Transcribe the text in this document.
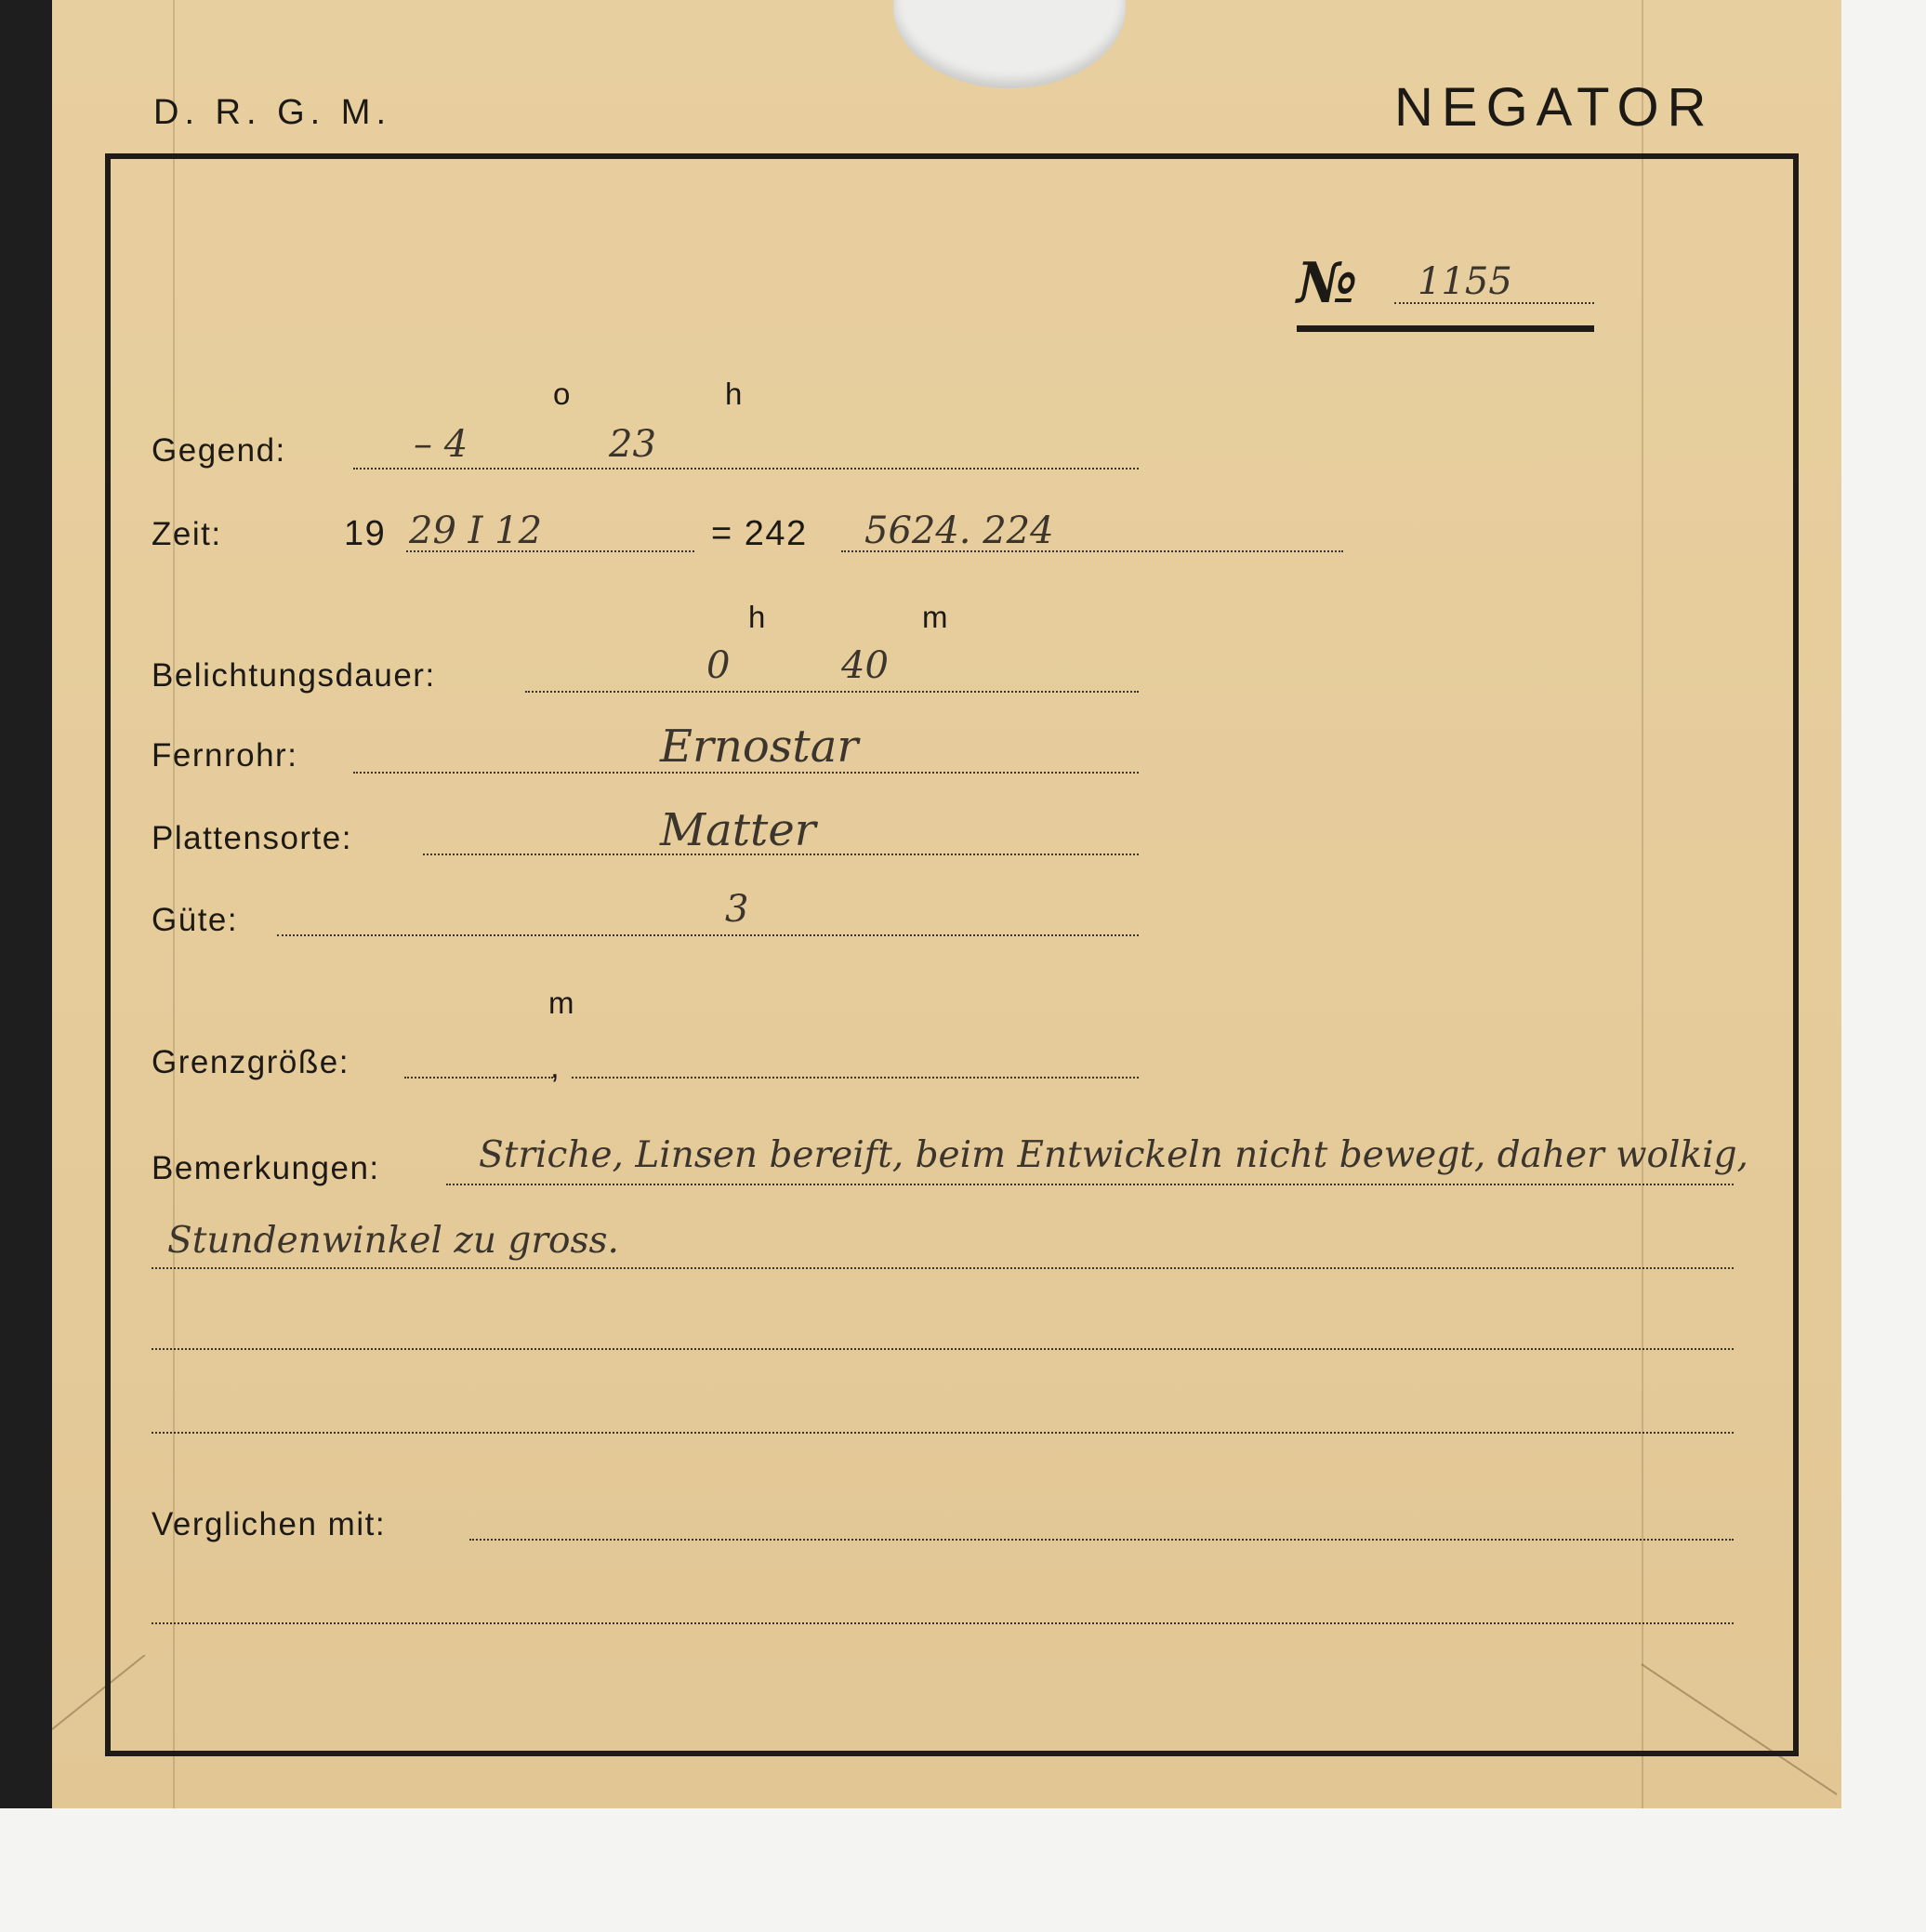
D. R. G. M.	NEGATOR
№ 1155
o	h
Gegend:	– 4	23
Zeit:	19 29 I 12	= 242 5624. 224
h	m
Belichtungsdauer:	0	40
Fernrohr:	Ernostar
Plattensorte:	Matter
Güte:	3
m
Grenzgröße:	,
Bemerkungen:	Striche, Linsen bereift, beim Entwickeln nicht bewegt, daher wolkig,
Stundenwinkel zu gross.
Verglichen mit:
